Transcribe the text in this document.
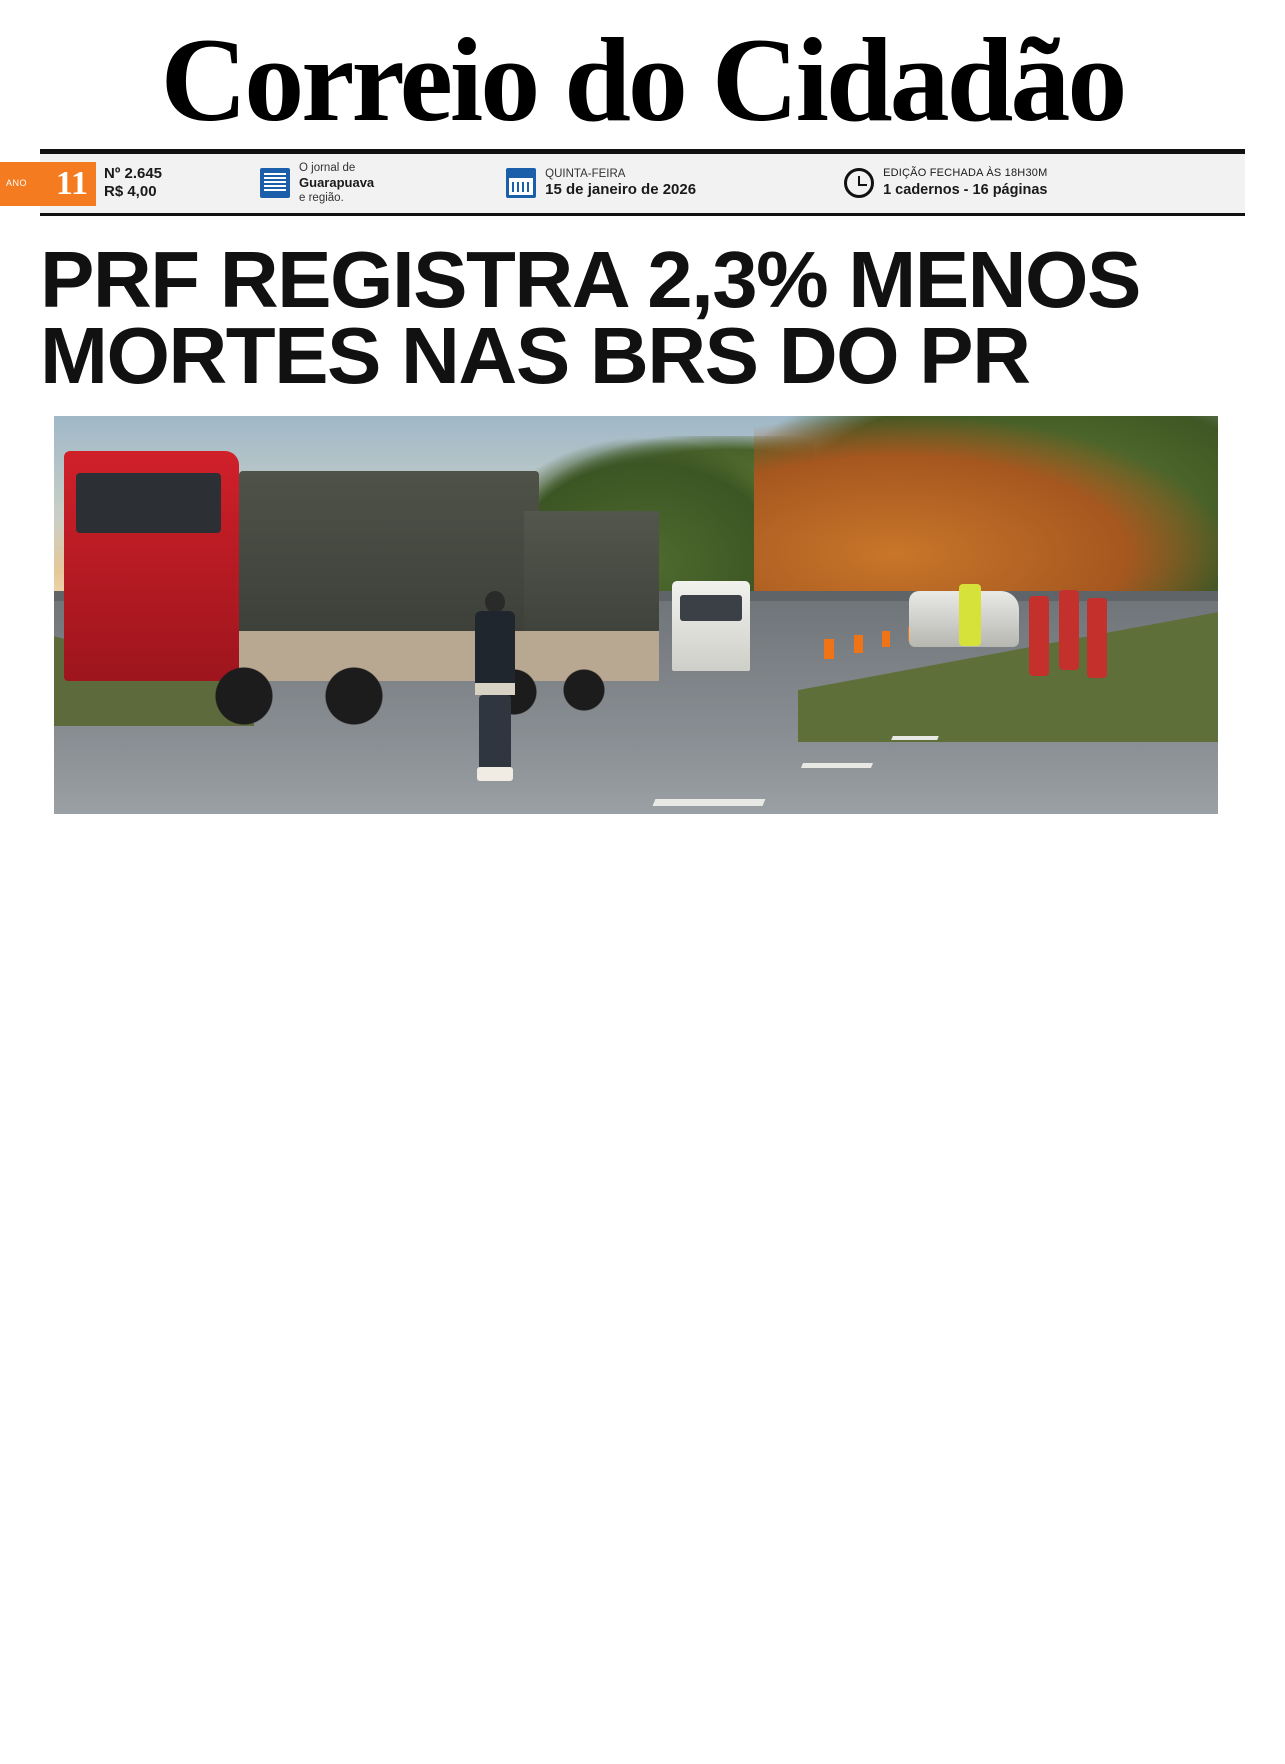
Correio do Cidadão
ANO 11 Nº 2.645
R$ 4,00
O jornal de
Guarapuava
e região.
QUINTA-FEIRA
15 de janeiro de 2026
EDIÇÃO FECHADA ÀS 18H30M
1 cadernos - 16 páginas
PRF REGISTRA 2,3% MENOS MORTES NAS BRS DO PR
